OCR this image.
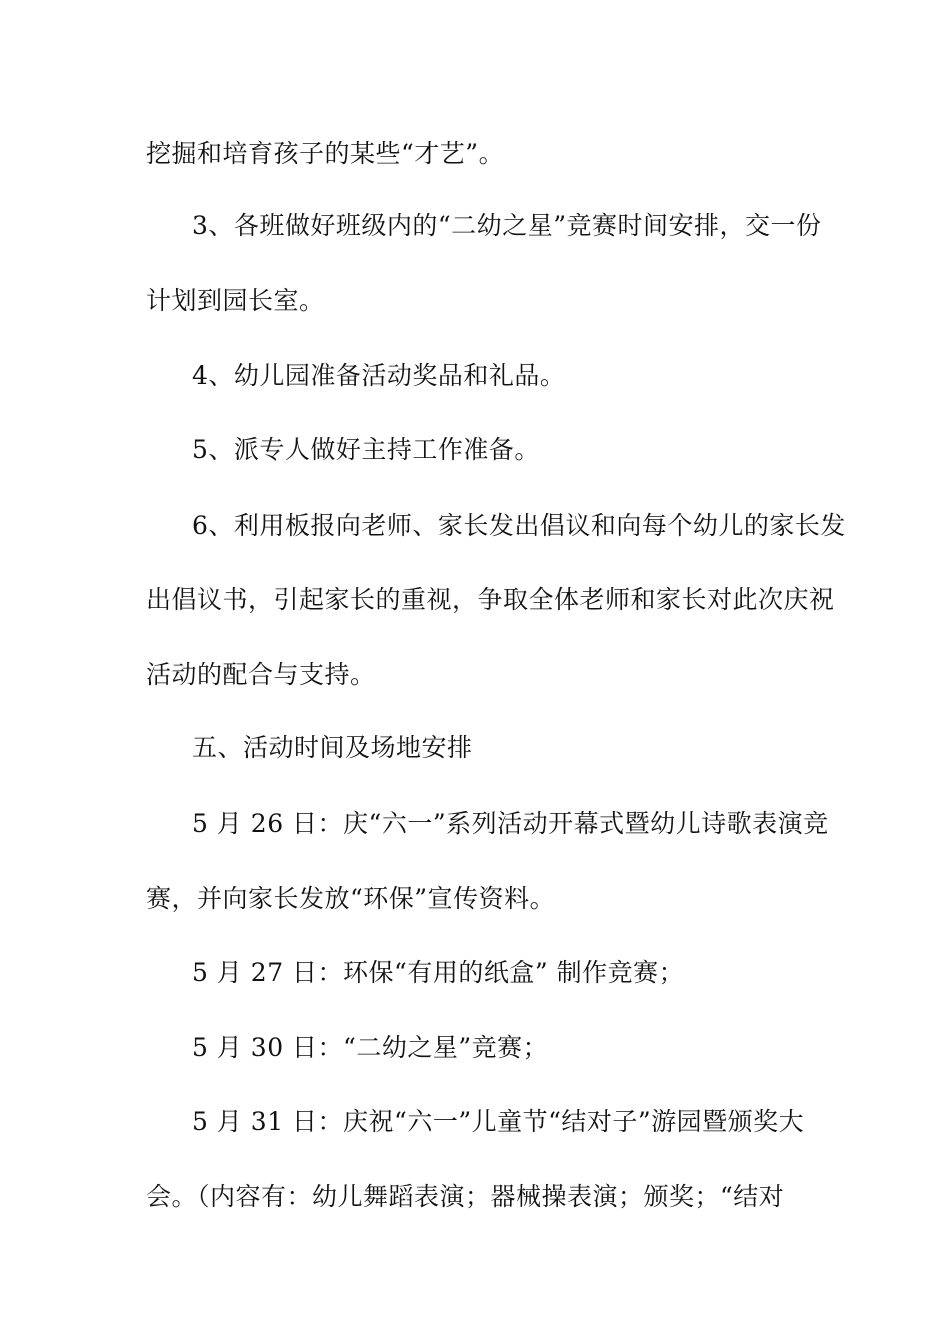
挖掘和培育孩子的某些“才艺”。
3、各班做好班级内的“二幼之星”竞赛时间安排，交一份
计划到园长室。
4、幼儿园准备活动奖品和礼品。
5、派专人做好主持工作准备。
6、利用板报向老师、家长发出倡议和向每个幼儿的家长发
出倡议书，引起家长的重视，争取全体老师和家长对此次庆祝
活动的配合与支持。
五、活动时间及场地安排
5 月 26 日：庆“六一”系列活动开幕式暨幼儿诗歌表演竞
赛，并向家长发放“环保”宣传资料。
5 月 27 日：环保“有用的纸盒” 制作竞赛；
5 月 30 日：“二幼之星”竞赛；
5 月 31 日：庆祝“六一”儿童节“结对子”游园暨颁奖大
会。（内容有：幼儿舞蹈表演；器械操表演；颁奖；“结对
